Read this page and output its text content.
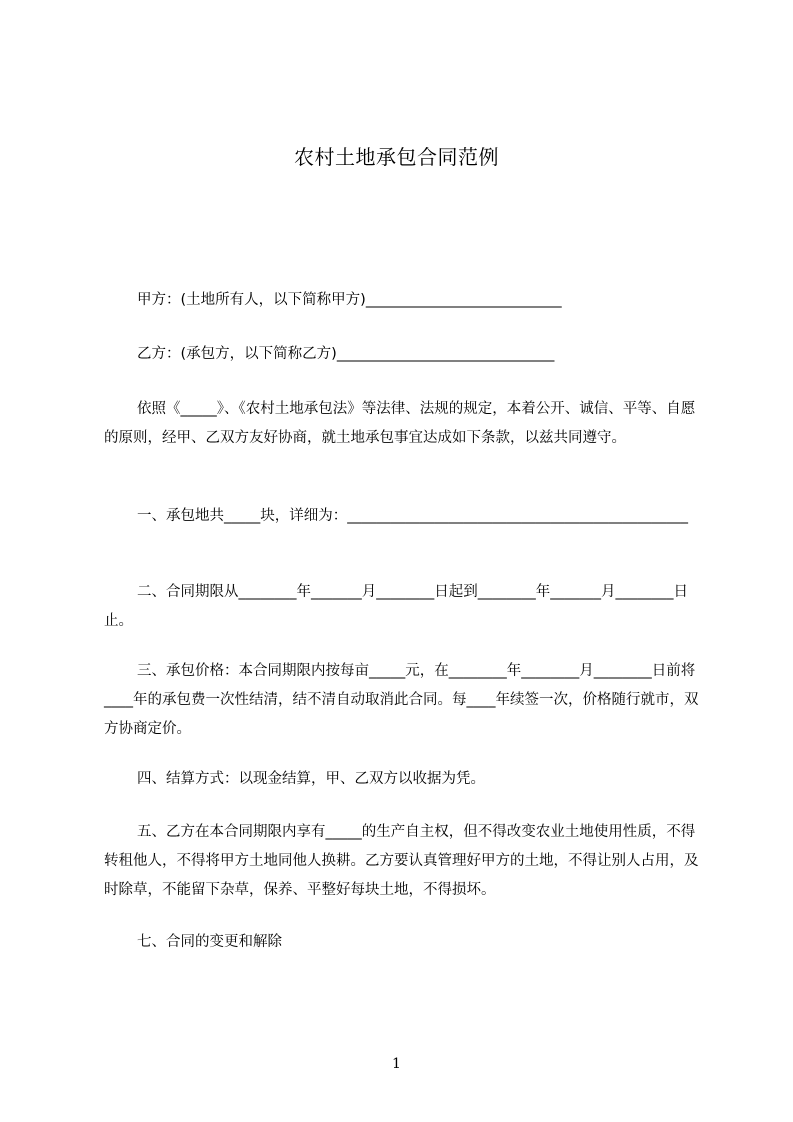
农村土地承包合同范例

甲方：(土地所有人，以下简称甲方)___________________________

乙方：(承包方，以下简称乙方)______________________________

依照《_____》、《农村土地承包法》等法律、法规的规定，本着公开、诚信、平等、自愿的原则，经甲、乙双方友好协商，就土地承包事宜达成如下条款，以兹共同遵守。

一、承包地共_____块，详细为：_______________________________________________

二、合同期限从________年_______月________日起到________年_______月________日止。

三、承包价格：本合同期限内按每亩_____元，在________年________月________日前将____年的承包费一次性结清，结不清自动取消此合同。每____年续签一次，价格随行就市，双方协商定价。

四、结算方式：以现金结算，甲、乙双方以收据为凭。

五、乙方在本合同期限内享有_____的生产自主权，但不得改变农业土地使用性质，不得转租他人，不得将甲方土地同他人换耕。乙方要认真管理好甲方的土地，不得让别人占用，及时除草，不能留下杂草，保养、平整好每块土地，不得损坏。

七、合同的变更和解除

1
